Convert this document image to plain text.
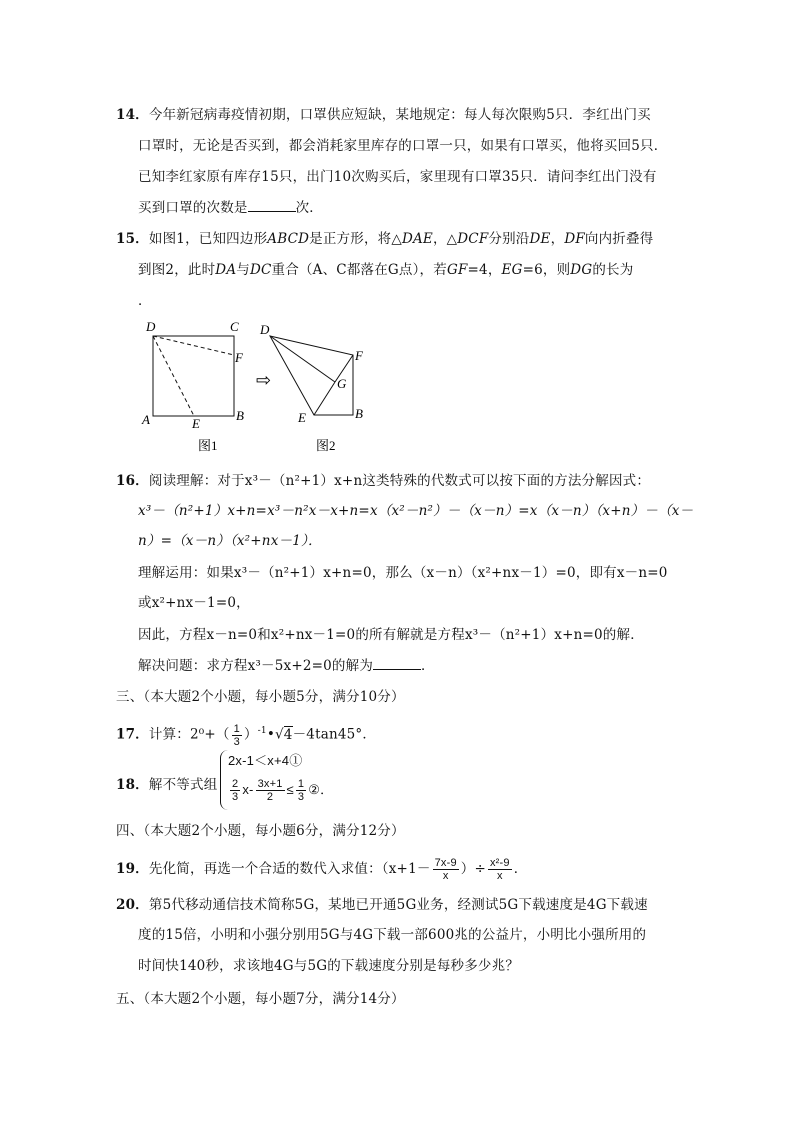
14．今年新冠病毒疫情初期，口罩供应短缺，某地规定：每人每次限购5只．李红出门买
口罩时，无论是否买到，都会消耗家里库存的口罩一只，如果有口罩买，他将买回5只．
已知李红家原有库存15只，出门10次购买后，家里现有口罩35只．请问李红出门没有
买到口罩的次数是	次．
15．如图1，已知四边形ABCD是正方形，将△DAE，△DCF分别沿DE，DF向内折叠得
到图2，此时DA与DC重合（A、C都落在G点），若GF=4，EG=6，则DG的长为
．
D	C
F
A	E
B
图1
⇨
D
F
G
E	B
图2
16．阅读理解：对于x³－（n²+1）x+n这类特殊的代数式可以按下面的方法分解因式：
x³－（n²+1）x+n=x³－n²x－x+n=x（x²－n²）－（x－n）=x（x－n）（x+n）－（x－
n）=（x－n）（x²+nx－1）．
理解运用：如果x³－（n²+1）x+n=0，那么（x－n）（x²+nx－1）=0，即有x－n=0
或x²+nx－1=0，
因此，方程x－n=0和x²+nx－1=0的所有解就是方程x³－（n²+1）x+n=0的解．
解决问题：求方程x³－5x+2=0的解为	．
三、（本大题2个小题，每小题5分，满分10分）
17．计算：$2^0+( \frac{1}{3}$ ）$^{-1}•√4-4\tan 45^\circ$．
18．解不等式组
2x-1＜x+4①
$\frac{2}{3} x- \frac{3x+1}{2} \le \frac{1}{3}$ ②．
四、（本大题2个小题，每小题6分，满分12分）
19．先化简，再选一个合适的数代入求值：（$x+1- \frac{7x-9}{x}$ ）÷ $\frac{\text{x²-9}}{x}$ ．
20．第5代移动通信技术简称5G，某地已开通5G业务，经测试5G下载速度是4G下载速
度的15倍，小明和小强分别用5G与4G下载一部600兆的公益片，小明比小强所用的
时间快140秒，求该地4G与5G的下载速度分别是每秒多少兆？
五、（本大题2个小题，每小题7分，满分14分）
